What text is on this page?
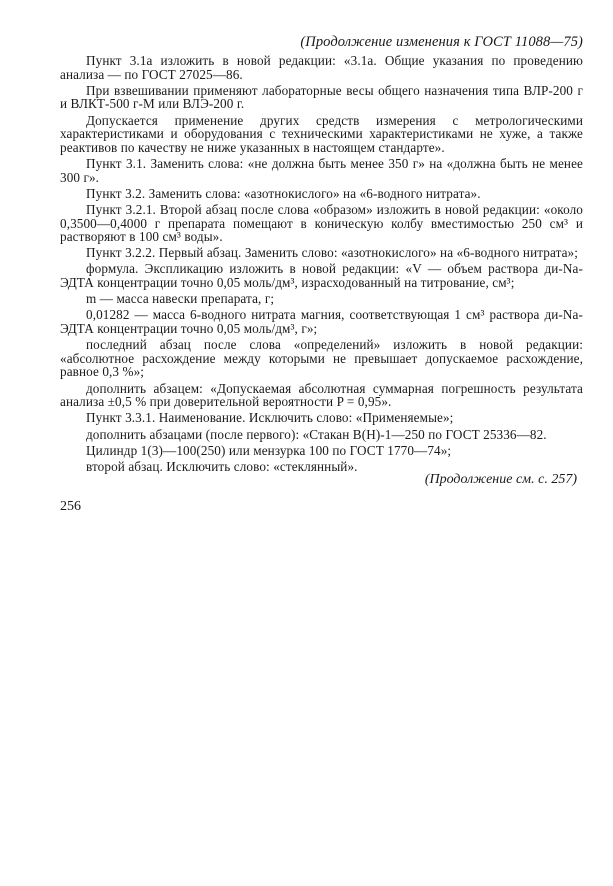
(Продолжение изменения к ГОСТ 11088—75)

Пункт 3.1а изложить в новой редакции: «3.1а. Общие указания по проведению анализа — по ГОСТ 27025—86.

При взвешивании применяют лабораторные весы общего назначения типа ВЛР-200 г и ВЛКТ-500 г-М или ВЛЭ-200 г.

Допускается применение других средств измерения с метрологическими характеристиками и оборудования с техническими характеристиками не хуже, а также реактивов по качеству не ниже указанных в настоящем стандарте».

Пункт 3.1. Заменить слова: «не должна быть менее 350 г» на «должна быть не менее 300 г».

Пункт 3.2. Заменить слова: «азотнокислого» на «6-водного нитрата».

Пункт 3.2.1. Второй абзац после слова «образом» изложить в новой редакции: «около 0,3500—0,4000 г препарата помещают в коническую колбу вместимостью 250 см³ и растворяют в 100 см³ воды».

Пункт 3.2.2. Первый абзац. Заменить слово: «азотнокислого» на «6-водного нитрата»;

формула. Экспликацию изложить в новой редакции: «V — объем раствора ди-Na-ЭДТА концентрации точно 0,05 моль/дм³, израсходованный на титрование, см³;

m — масса навески препарата, г;

0,01282 — масса 6-водного нитрата магния, соответствующая 1 см³ раствора ди-Na-ЭДТА концентрации точно 0,05 моль/дм³, г»;

последний абзац после слова «определений» изложить в новой редакции: «абсолютное расхождение между которыми не превышает допускаемое расхождение, равное 0,3 %»;

дополнить абзацем: «Допускаемая абсолютная суммарная погрешность результата анализа ±0,5 % при доверительной вероятности P = 0,95».

Пункт 3.3.1. Наименование. Исключить слово: «Применяемые»;

дополнить абзацами (после первого): «Стакан В(Н)-1—250 по ГОСТ 25336—82.

Цилиндр 1(3)—100(250) или мензурка 100 по ГОСТ 1770—74»;

второй абзац. Исключить слово: «стеклянный».

(Продолжение см. с. 257)
256
